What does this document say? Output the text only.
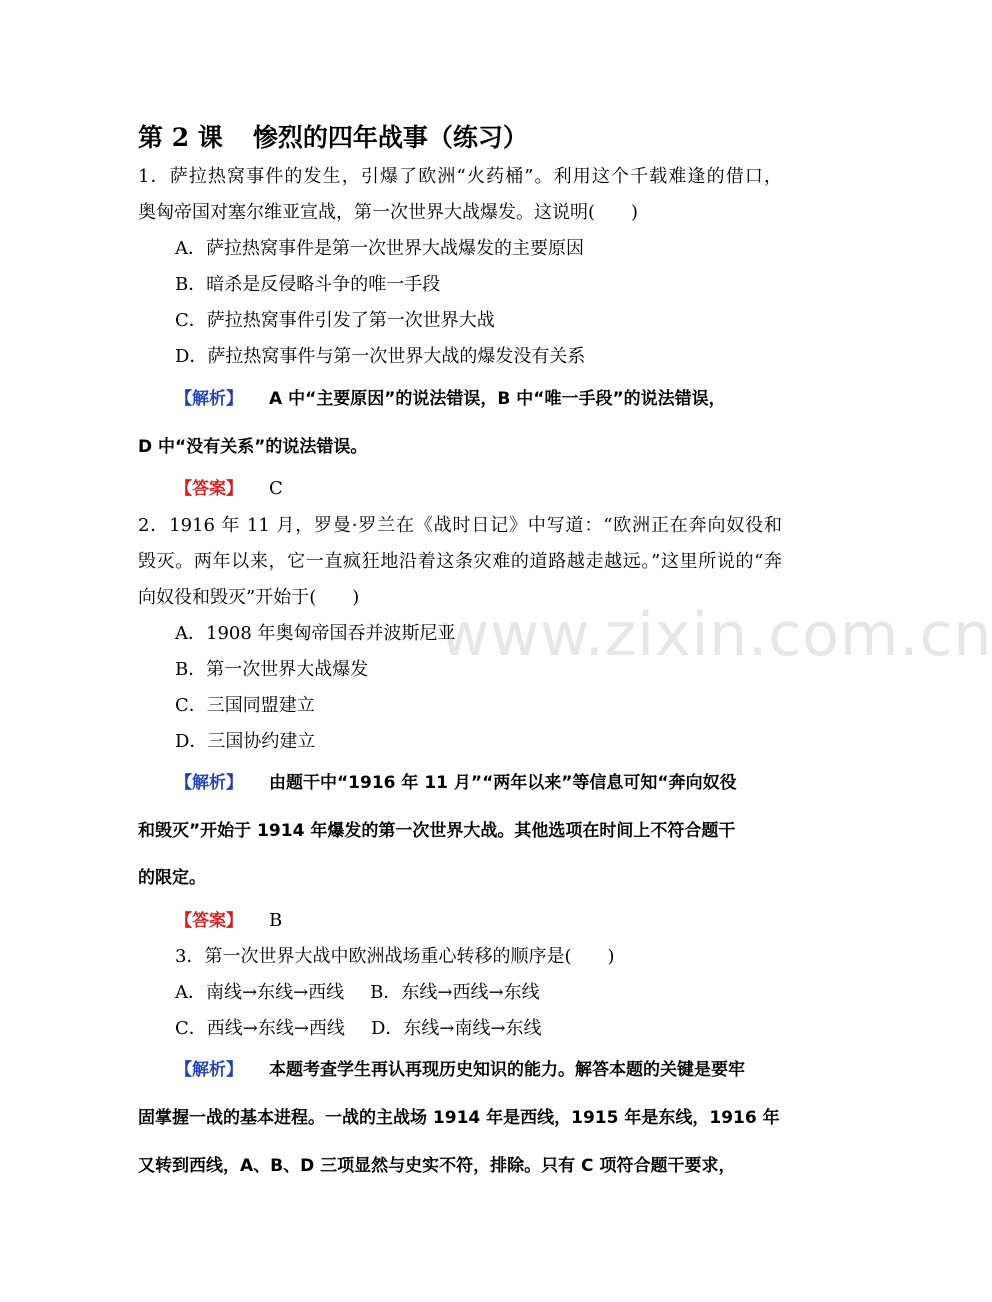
www.zixin.com.cn
第 2 课 惨烈的四年战事（练习）
1．萨拉热窝事件的发生，引爆了欧洲“火药桶”。利用这个千载难逢的借口，
奥匈帝国对塞尔维亚宣战，第一次世界大战爆发。这说明(　　)
A．萨拉热窝事件是第一次世界大战爆发的主要原因
B．暗杀是反侵略斗争的唯一手段
C．萨拉热窝事件引发了第一次世界大战
D．萨拉热窝事件与第一次世界大战的爆发没有关系
【解析】 A 中“主要原因”的说法错误，B 中“唯一手段”的说法错误，
D 中“没有关系”的说法错误。
【答案】 C
2．1916 年 11 月，罗曼·罗兰在《战时日记》中写道：“欧洲正在奔向奴役和
毁灭。两年以来，它一直疯狂地沿着这条灾难的道路越走越远。”这里所说的“奔
向奴役和毁灭”开始于(　　)
A．1908 年奥匈帝国吞并波斯尼亚
B．第一次世界大战爆发
C．三国同盟建立
D．三国协约建立
【解析】 由题干中“1916 年 11 月”“两年以来”等信息可知“奔向奴役
和毁灭”开始于 1914 年爆发的第一次世界大战。其他选项在时间上不符合题干
的限定。
【答案】 B
3．第一次世界大战中欧洲战场重心转移的顺序是(　　)
A．南线→东线→西线 B．东线→西线→东线
C．西线→东线→西线 D．东线→南线→东线
【解析】 本题考查学生再认再现历史知识的能力。解答本题的关键是要牢
固掌握一战的基本进程。一战的主战场 1914 年是西线，1915 年是东线，1916 年
又转到西线，A、B、D 三项显然与史实不符，排除。只有 C 项符合题干要求，
